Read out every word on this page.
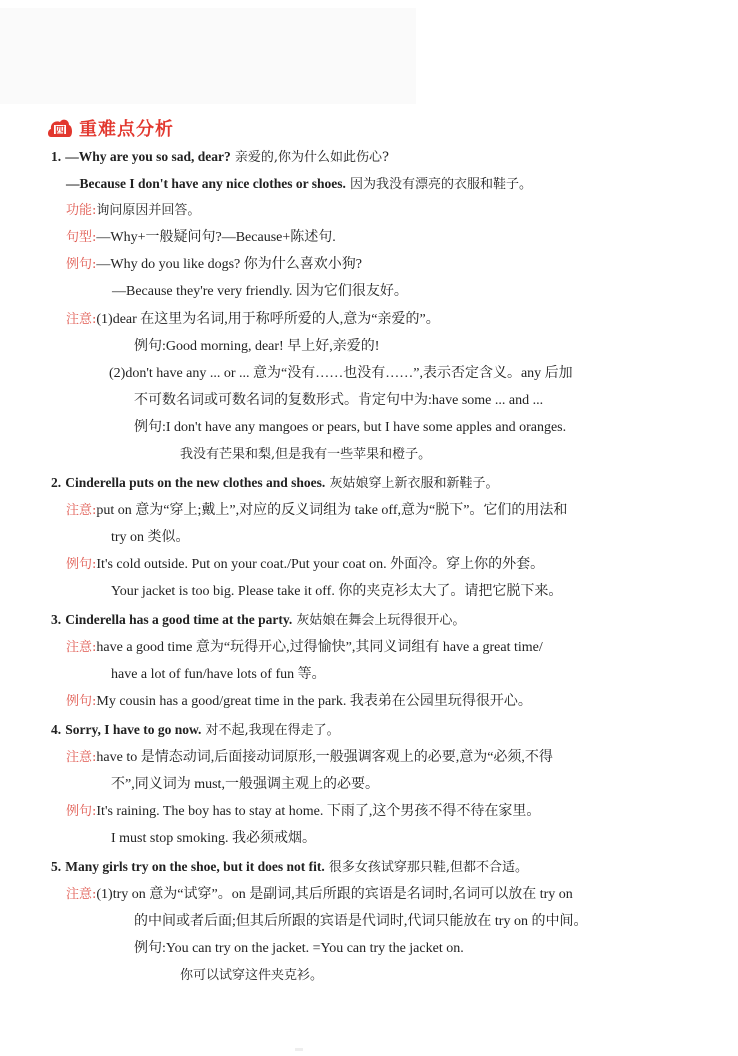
四 重难点分析
1. —Why are you so sad, dear? 亲爱的,你为什么如此伤心?
—Because I don't have any nice clothes or shoes. 因为我没有漂亮的衣服和鞋子。
功能:询问原因并回答。
句型:—Why+一般疑问句?—Because+陈述句.
例句:—Why do you like dogs? 你为什么喜欢小狗?
—Because they're very friendly. 因为它们很友好。
注意:(1)dear 在这里为名词,用于称呼所爱的人,意为“亲爱的”。
例句:Good morning, dear! 早上好,亲爱的!
(2)don't have any ... or ... 意为“没有……也没有……”,表示否定含义。any 后加
不可数名词或可数名词的复数形式。肯定句中为:have some ... and ...
例句:I don't have any mangoes or pears, but I have some apples and oranges.
我没有芒果和梨,但是我有一些苹果和橙子。
2. Cinderella puts on the new clothes and shoes. 灰姑娘穿上新衣服和新鞋子。
注意:put on 意为“穿上;戴上”,对应的反义词组为 take off,意为“脱下”。它们的用法和
try on 类似。
例句:It's cold outside. Put on your coat./Put your coat on. 外面冷。穿上你的外套。
Your jacket is too big. Please take it off. 你的夹克衫太大了。请把它脱下来。
3. Cinderella has a good time at the party. 灰姑娘在舞会上玩得很开心。
注意:have a good time 意为“玩得开心,过得愉快”,其同义词组有 have a great time/
have a lot of fun/have lots of fun 等。
例句:My cousin has a good/great time in the park. 我表弟在公园里玩得很开心。
4. Sorry, I have to go now. 对不起,我现在得走了。
注意:have to 是情态动词,后面接动词原形,一般强调客观上的必要,意为“必须,不得
不”,同义词为 must,一般强调主观上的必要。
例句:It's raining. The boy has to stay at home. 下雨了,这个男孩不得不待在家里。
I must stop smoking. 我必须戒烟。
5. Many girls try on the shoe, but it does not fit. 很多女孩试穿那只鞋,但都不合适。
注意:(1)try on 意为“试穿”。on 是副词,其后所跟的宾语是名词时,名词可以放在 try on
的中间或者后面;但其后所跟的宾语是代词时,代词只能放在 try on 的中间。
例句:You can try on the jacket. =You can try the jacket on.
你可以试穿这件夹克衫。
